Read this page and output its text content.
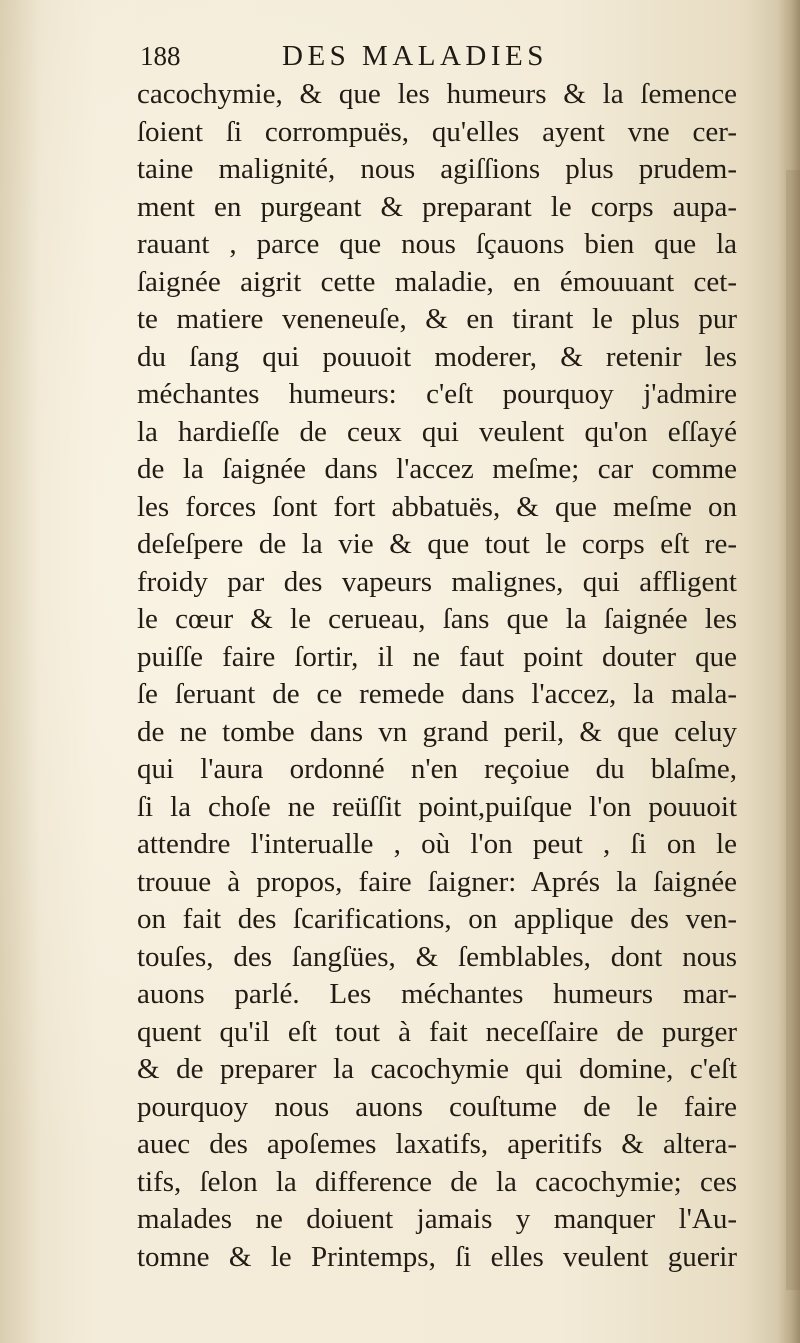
188	DES MALADIES
cacochymie, & que les humeurs & la ſemence
ſoient ſi corrompuës, qu'elles ayent vne cer-
taine malignité, nous agiſſions plus prudem-
ment en purgeant & preparant le corps aupa-
rauant , parce que nous ſçauons bien que la
ſaignée aigrit cette maladie, en émouuant cet-
te matiere veneneuſe, & en tirant le plus pur
du ſang qui pouuoit moderer, & retenir les
méchantes humeurs: c'eſt pourquoy j'admire
la hardieſſe de ceux qui veulent qu'on eſſayé
de la ſaignée dans l'accez meſme; car comme
les forces ſont fort abbatuës, & que meſme on
deſeſpere de la vie & que tout le corps eſt re-
froidy par des vapeurs malignes, qui affligent
le cœur & le cerueau, ſans que la ſaignée les
puiſſe faire ſortir, il ne faut point douter que
ſe ſeruant de ce remede dans l'accez, la mala-
de ne tombe dans vn grand peril, & que celuy
qui l'aura ordonné n'en reçoiue du blaſme,
ſi la choſe ne reüſſit point,puiſque l'on pouuoit
attendre l'interualle , où l'on peut , ſi on le
trouue à propos, faire ſaigner: Aprés la ſaignée
on fait des ſcarifications, on applique des ven-
touſes, des ſangſües, & ſemblables, dont nous
auons parlé. Les méchantes humeurs mar-
quent qu'il eſt tout à fait neceſſaire de purger
& de preparer la cacochymie qui domine, c'eſt
pourquoy nous auons couſtume de le faire
auec des apoſemes laxatifs, aperitifs & altera-
tifs, ſelon la difference de la cacochymie; ces
malades ne doiuent jamais y manquer l'Au-
tomne & le Printemps, ſi elles veulent guerir
